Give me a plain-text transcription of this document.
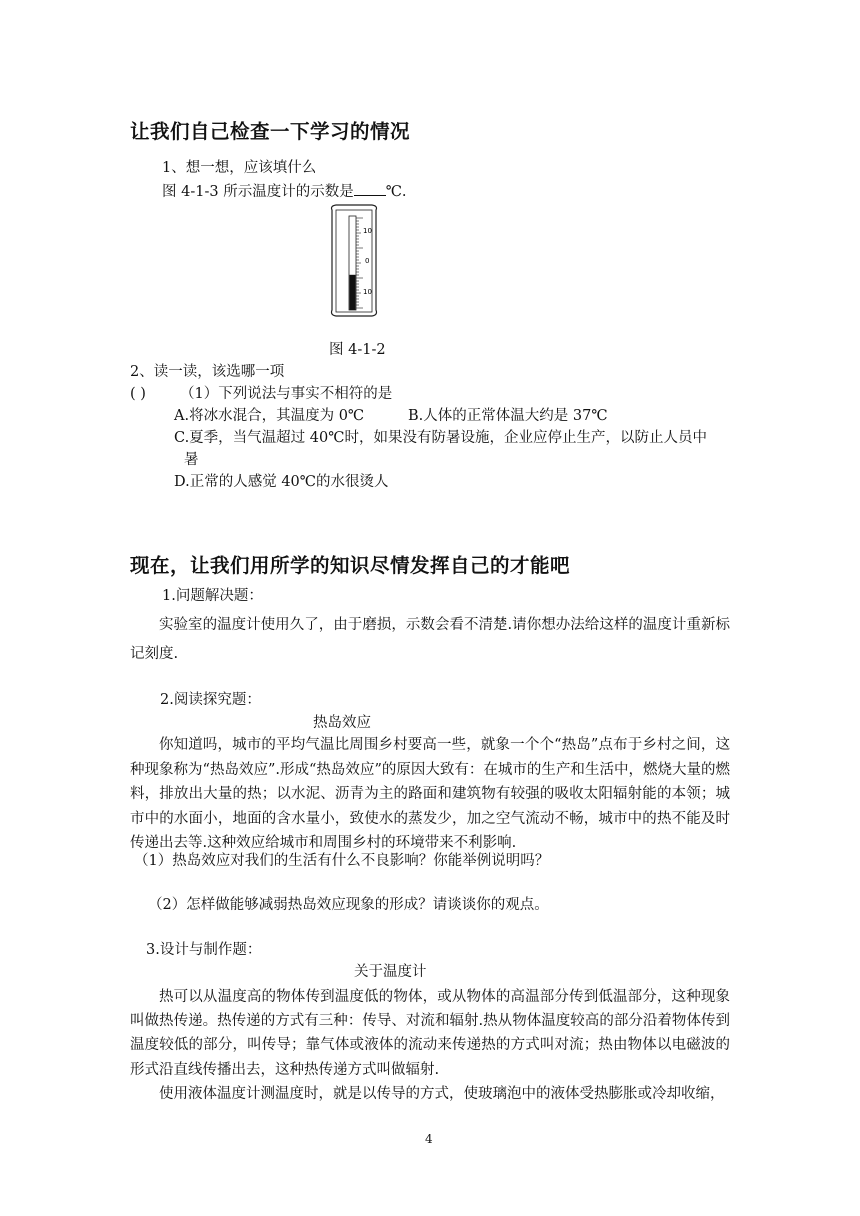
让我们自己检查一下学习的情况
1、想一想，应该填什么
图 4-1-3 所示温度计的示数是 ℃.
10
0
10
图 4-1-2
2、读一读，该选哪一项
( ) （1）下列说法与事实不相符的是
A.将冰水混合，其温度为 0℃	B.人体的正常体温大约是 37℃
C.夏季，当气温超过 40℃时，如果没有防暑设施，企业应停止生产，以防止人员中
暑
D.正常的人感觉 40℃的水很烫人
现在，让我们用所学的知识尽情发挥自己的才能吧
1.问题解决题：
实验室的温度计使用久了，由于磨损，示数会看不清楚.请你想办法给这样的温度计重新标记刻度.
2.阅读探究题：
热岛效应
你知道吗，城市的平均气温比周围乡村要高一些，就象一个个“热岛”点布于乡村之间，这种现象称为“热岛效应”.形成“热岛效应”的原因大致有：在城市的生产和生活中，燃烧大量的燃料，排放出大量的热；以水泥、沥青为主的路面和建筑物有较强的吸收太阳辐射能的本领；城市中的水面小，地面的含水量小，致使水的蒸发少，加之空气流动不畅，城市中的热不能及时传递出去等.这种效应给城市和周围乡村的环境带来不利影响.
（1）热岛效应对我们的生活有什么不良影响？你能举例说明吗？
（2）怎样做能够减弱热岛效应现象的形成？请谈谈你的观点。
3.设计与制作题：
关于温度计
热可以从温度高的物体传到温度低的物体，或从物体的高温部分传到低温部分，这种现象叫做热传递。热传递的方式有三种：传导、对流和辐射.热从物体温度较高的部分沿着物体传到温度较低的部分，叫传导；靠气体或液体的流动来传递热的方式叫对流；热由物体以电磁波的形式沿直线传播出去，这种热传递方式叫做辐射.
使用液体温度计测温度时，就是以传导的方式，使玻璃泡中的液体受热膨胀或冷却收缩，
4
